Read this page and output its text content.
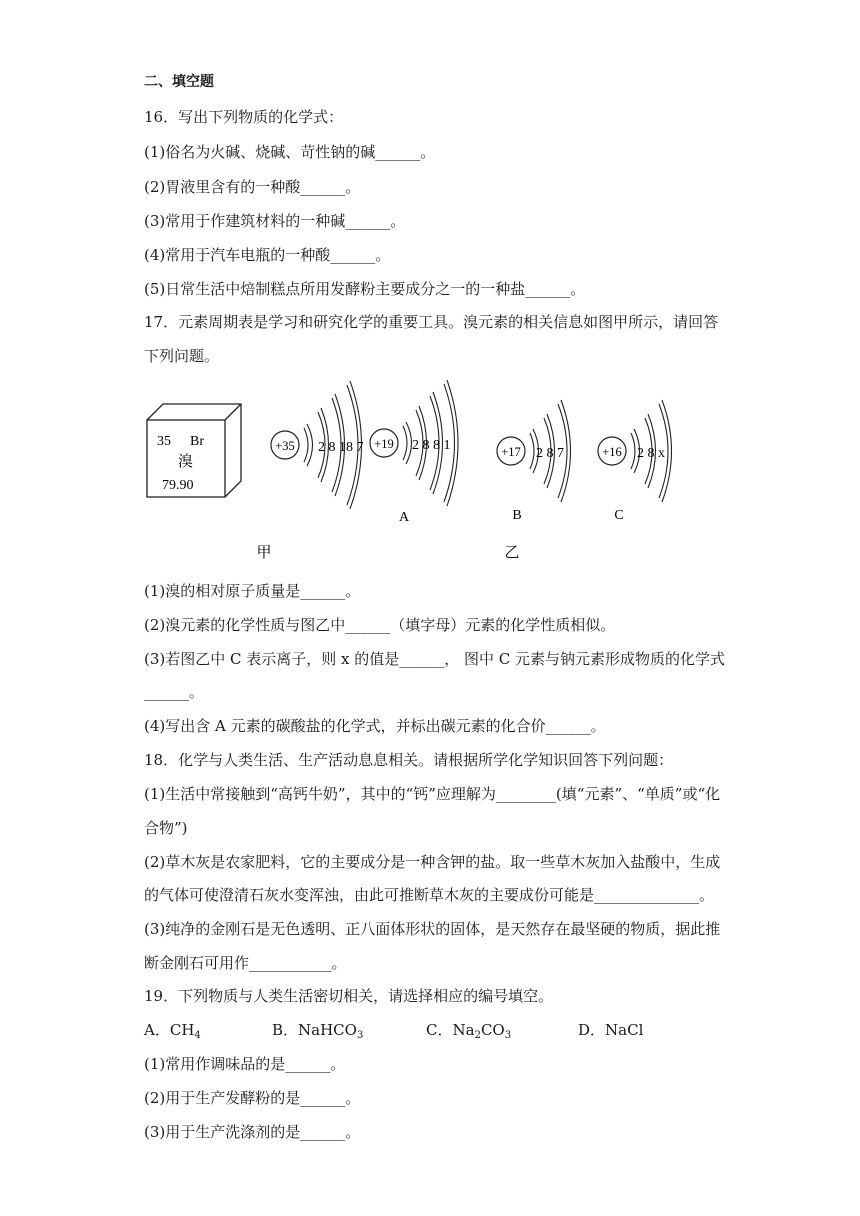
二、填空题
16．写出下列物质的化学式：
(1)俗名为火碱、烧碱、苛性钠的碱______。
(2)胃液里含有的一种酸______。
(3)常用于作建筑材料的一种碱______。
(4)常用于汽车电瓶的一种酸______。
(5)日常生活中焙制糕点所用发酵粉主要成分之一的一种盐______。
17．元素周期表是学习和研究化学的重要工具。溴元素的相关信息如图甲所示，请回答
下列问题。
35 Br
溴
79.90
+35 2 8 18 7 +19 2 8 8 1
A
+17 2 8 7
B
+16 2 8 x
C
甲	乙
(1)溴的相对原子质量是______。
(2)溴元素的化学性质与图乙中______（填字母）元素的化学性质相似。
(3)若图乙中 C 表示离子，则 x 的值是______， 图中 C 元素与钠元素形成物质的化学式
______。
(4)写出含 A 元素的碳酸盐的化学式，并标出碳元素的化合价______。
18．化学与人类生活、生产活动息息相关。请根据所学化学知识回答下列问题：
(1)生活中常接触到“高钙牛奶”，其中的“钙”应理解为________(填“元素”、“单质”或“化
合物”)
(2)草木灰是农家肥料，它的主要成分是一种含钾的盐。取一些草木灰加入盐酸中，生成
的气体可使澄清石灰水变浑浊，由此可推断草木灰的主要成份可能是______________。
(3)纯净的金刚石是无色透明、正八面体形状的固体，是天然存在最坚硬的物质，据此推
断金刚石可用作___________。
19．下列物质与人类生活密切相关，请选择相应的编号填空。
A．$CH_4$	B．NaHCO$_3$	C．$Na_2CO_3$	D．NaCl
(1)常用作调味品的是______。
(2)用于生产发酵粉的是______。
(3)用于生产洗涤剂的是______。
